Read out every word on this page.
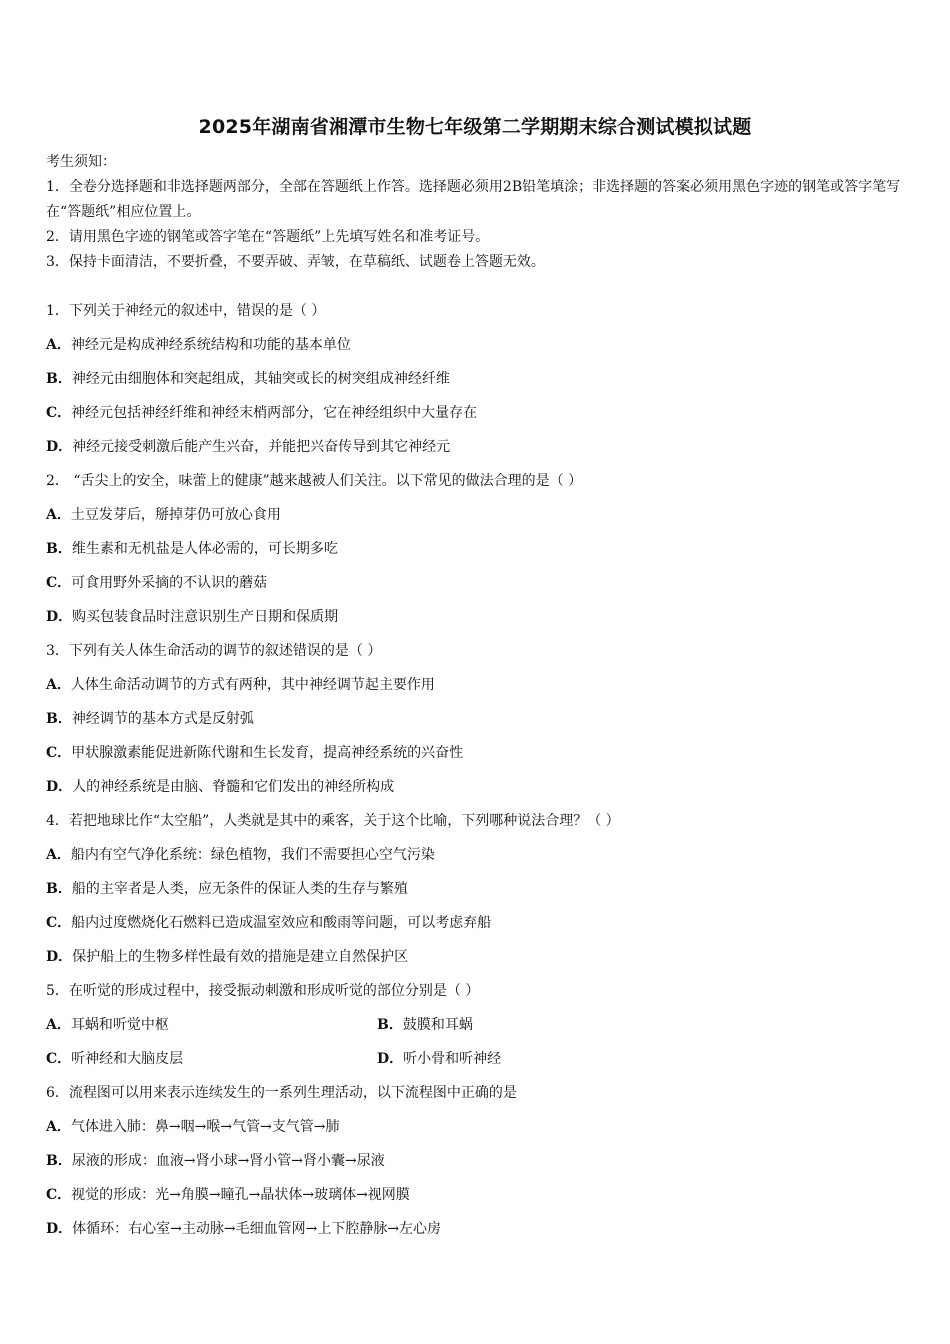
2025年湖南省湘潭市生物七年级第二学期期末综合测试模拟试题
考生须知：
1．全卷分选择题和非选择题两部分，全部在答题纸上作答。选择题必须用2B铅笔填涂；非选择题的答案必须用黑色字迹的钢笔或答字笔写在“答题纸”相应位置上。
2．请用黑色字迹的钢笔或答字笔在“答题纸”上先填写姓名和准考证号。
3．保持卡面清洁，不要折叠，不要弄破、弄皱，在草稿纸、试题卷上答题无效。
1．下列关于神经元的叙述中，错误的是（ ）
A．神经元是构成神经系统结构和功能的基本单位
B．神经元由细胞体和突起组成，其轴突或长的树突组成神经纤维
C．神经元包括神经纤维和神经末梢两部分，它在神经组织中大量存在
D．神经元接受刺激后能产生兴奋，并能把兴奋传导到其它神经元
2． “舌尖上的安全，味蕾上的健康”越来越被人们关注。以下常见的做法合理的是（ ）
A．土豆发芽后，掰掉芽仍可放心食用
B．维生素和无机盐是人体必需的，可长期多吃
C．可食用野外采摘的不认识的蘑菇
D．购买包装食品时注意识别生产日期和保质期
3．下列有关人体生命活动的调节的叙述错误的是（ ）
A．人体生命活动调节的方式有两种，其中神经调节起主要作用
B．神经调节的基本方式是反射弧
C．甲状腺激素能促进新陈代谢和生长发育，提高神经系统的兴奋性
D．人的神经系统是由脑、脊髓和它们发出的神经所构成
4．若把地球比作“太空船”，人类就是其中的乘客，关于这个比喻，下列哪种说法合理？（ ）
A．船内有空气净化系统：绿色植物，我们不需要担心空气污染
B．船的主宰者是人类，应无条件的保证人类的生存与繁殖
C．船内过度燃烧化石燃料已造成温室效应和酸雨等问题，可以考虑弃船
D．保护船上的生物多样性最有效的措施是建立自然保护区
5．在听觉的形成过程中，接受振动刺激和形成听觉的部位分别是（ ）
A．耳蜗和听觉中枢	B．鼓膜和耳蜗
C．听神经和大脑皮层	D．听小骨和听神经
6．流程图可以用来表示连续发生的一系列生理活动，以下流程图中正确的是
A．气体进入肺：鼻→咽→喉→气管→支气管→肺
B．尿液的形成：血液→肾小球→肾小管→肾小囊→尿液
C．视觉的形成：光→角膜→瞳孔→晶状体→玻璃体→视网膜
D．体循环：右心室→主动脉→毛细血管网→上下腔静脉→左心房
